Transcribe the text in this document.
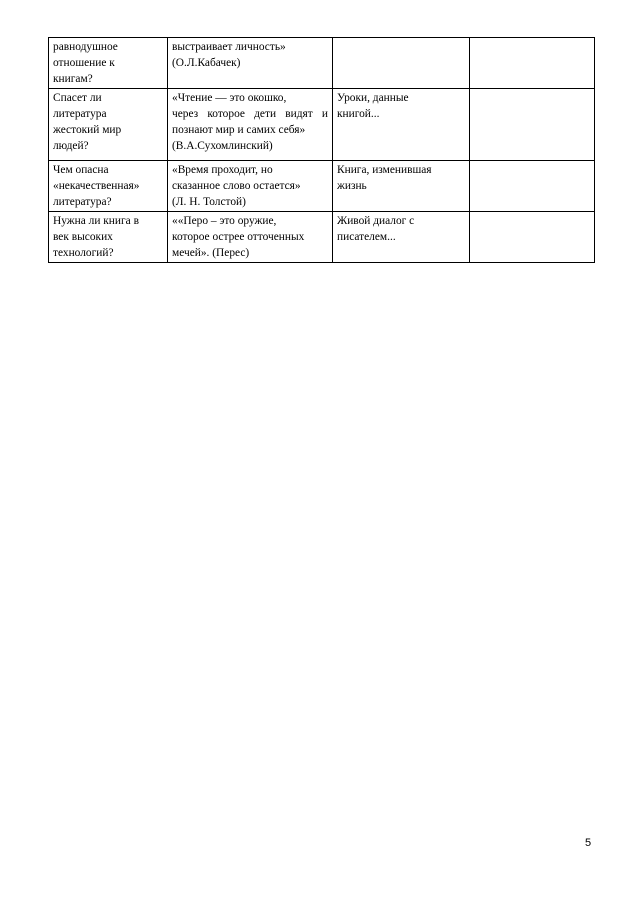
равнодушное
отношение к
книгам?	выстраивает личность»
(О.Л.Кабачек)		

Спасет ли
литература
жестокий мир
людей?	«Чтение — это окошко,
через которое дети видят и
познают мир и самих себя»
(В.А.Сухомлинский)	Уроки, данные
книгой...	

Чем опасна
«некачественная»
литература?	«Время проходит, но
сказанное слово остается»
(Л. Н. Толстой)	Книга, изменившая
жизнь	

Нужна ли книга в
век высоких
технологий?	««Перо – это оружие,
которое острее отточенных
мечей». (Перес)	Живой диалог с
писателем...	

5
